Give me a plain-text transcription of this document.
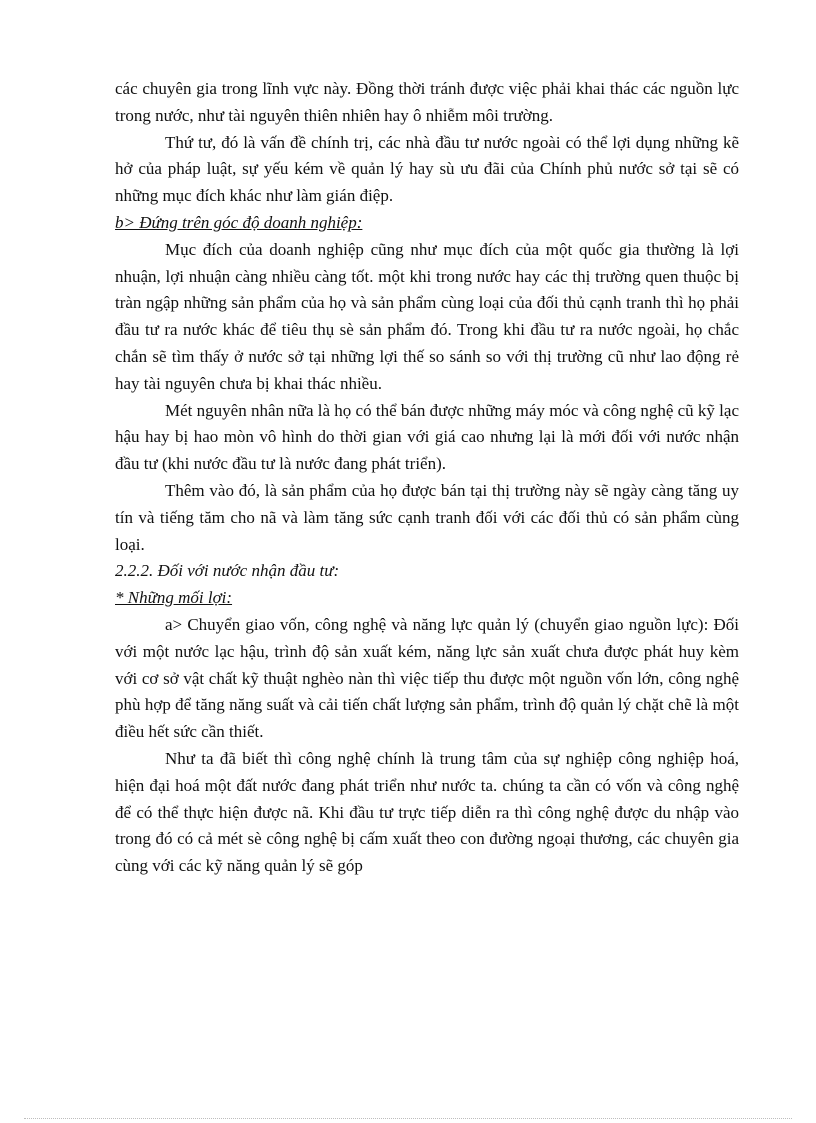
các chuyên gia trong lĩnh vực này. Đồng thời tránh được việc phải khai thác các nguồn lực trong nước, như tài nguyên thiên nhiên hay ô nhiễm môi trường.

Thứ tư, đó là vấn đề chính trị, các nhà đầu tư nước ngoài có thể lợi dụng những kẽ hở của pháp luật, sự yếu kém về quản lý hay sù ưu đãi của Chính phủ nước sở tại sẽ có những mục đích khác như làm gián điệp.

b> Đứng trên góc độ doanh nghiệp:

Mục đích của doanh nghiệp cũng như mục đích của một quốc gia thường là lợi nhuận, lợi nhuận càng nhiều càng tốt. một khi trong nước hay các thị trường quen thuộc bị tràn ngập những sản phẩm của họ và sản phẩm cùng loại của đối thủ cạnh tranh thì họ phải đầu tư ra nước khác để tiêu thụ sè sản phẩm đó. Trong khi đầu tư ra nước ngoài, họ chắc chắn sẽ tìm thấy ở nước sở tại những lợi thế so sánh so với thị trường cũ như lao động rẻ hay tài nguyên chưa bị khai thác nhiều.

Mét nguyên nhân nữa là họ có thể bán được những máy móc và công nghệ cũ kỹ lạc hậu hay bị hao mòn vô hình do thời gian với giá cao nhưng lại là mới đối với nước nhận đầu tư (khi nước đầu tư là nước đang phát triển).

Thêm vào đó, là sản phẩm của họ được bán tại thị trường này sẽ ngày càng tăng uy tín và tiếng tăm cho nã và làm tăng sức cạnh tranh đối với các đối thủ có sản phẩm cùng loại.

2.2.2. Đối với nước nhận đầu tư:

* Những mối lợi:

a> Chuyển giao vốn, công nghệ và năng lực quản lý (chuyển giao nguồn lực): Đối với một nước lạc hậu, trình độ sản xuất kém, năng lực sản xuất chưa được phát huy kèm với cơ sở vật chất kỹ thuật nghèo nàn thì việc tiếp thu được một nguồn vốn lớn, công nghệ phù hợp để tăng năng suất và cải tiến chất lượng sản phẩm, trình độ quản lý chặt chẽ là một điều hết sức cần thiết.

Như ta đã biết thì công nghệ chính là trung tâm của sự nghiệp công nghiệp hoá, hiện đại hoá một đất nước đang phát triển như nước ta. chúng ta cần có vốn và công nghệ để có thể thực hiện được nã. Khi đầu tư trực tiếp diễn ra thì công nghệ được du nhập vào trong đó có cả mét sè công nghệ bị cấm xuất theo con đường ngoại thương, các chuyên gia cùng với các kỹ năng quản lý sẽ góp
